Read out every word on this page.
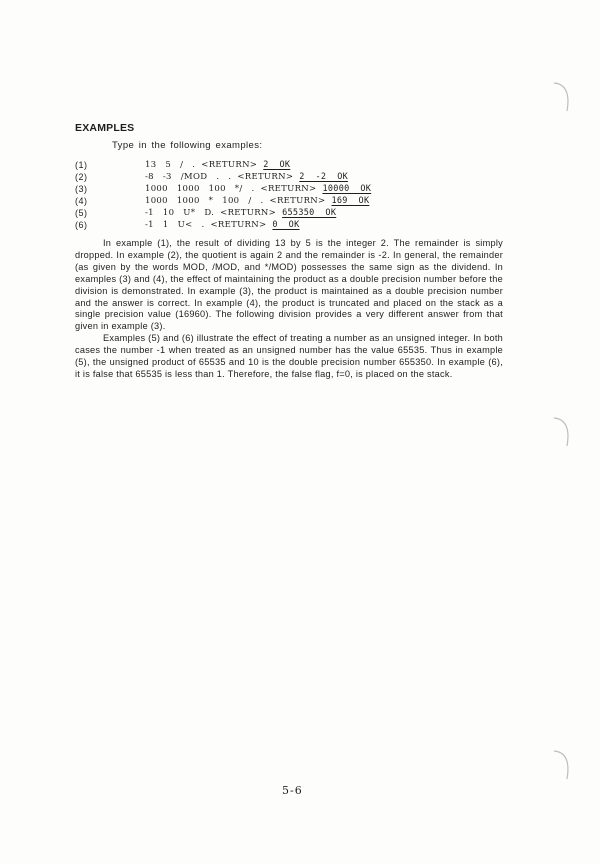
EXAMPLES
Type in the following examples:
(1)	13   5   /   .  <RETURN>  2  OK
(2)	-8   -3   /MOD   .   .  <RETURN>  2  -2  OK
(3)	1000   1000   100   */   .  <RETURN>  10000  OK
(4)	1000   1000   *   100   /   .  <RETURN>  169  OK
(5)	-1   10   U*   D.  <RETURN>  655350  OK
(6)	-1   1   U<   .  <RETURN>  0  OK

In example (1), the result of dividing 13 by 5 is the integer 2. The remainder is simply dropped. In example (2), the quotient is again 2 and the remainder is -2. In general, the remainder (as given by the words MOD, /MOD, and */MOD) possesses the same sign as the dividend. In examples (3) and (4), the effect of maintaining the product as a double precision number before the division is demonstrated. In example (3), the product is maintained as a double precision number and the answer is correct. In example (4), the product is truncated and placed on the stack as a single precision value (16960). The following division provides a very different answer from that given in example (3).

Examples (5) and (6) illustrate the effect of treating a number as an unsigned integer. In both cases the number -1 when treated as an unsigned number has the value 65535. Thus in example (5), the unsigned product of 65535 and 10 is the double precision number 655350. In example (6), it is false that 65535 is less than 1. Therefore, the false flag, f=0, is placed on the stack.

5-6
